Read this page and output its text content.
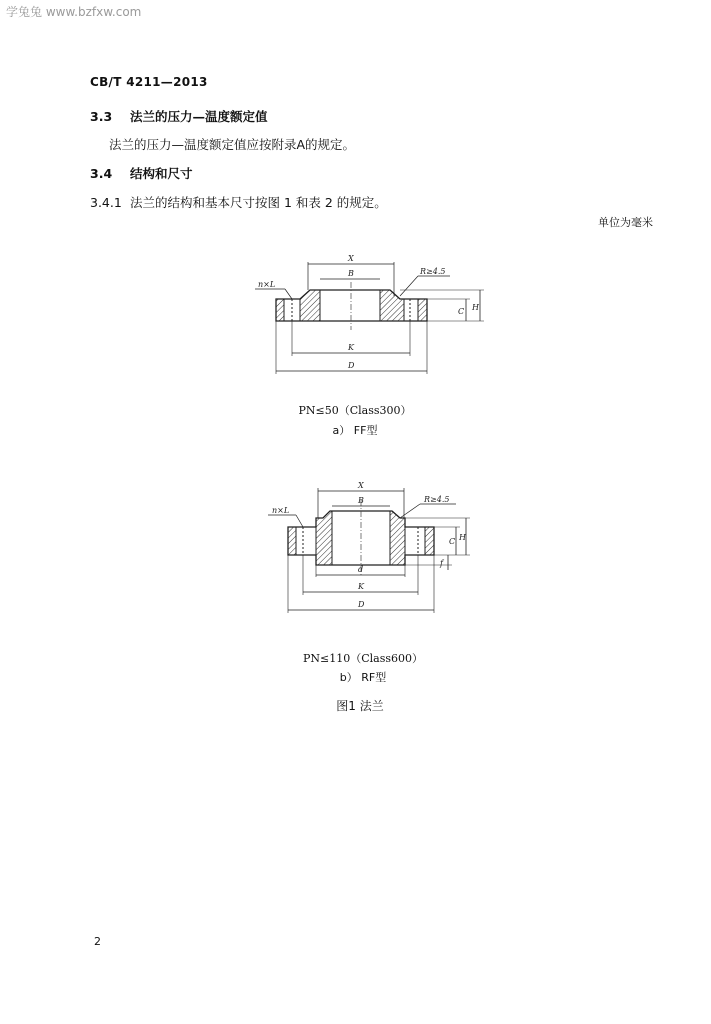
学兔兔 www.bzfxw.com
CB/T 4211—2013
3.3 法兰的压力—温度额定值
法兰的压力—温度额定值应按附录A的规定。
3.4 结构和尺寸
3.4.1 法兰的结构和基本尺寸按图 1 和表 2 的规定。
单位为毫米
X
B	R≥4.5
n×L
C H
K
D
PN≤50（Class300）
a） FF型
X
B	R≥4.5
n×L
C H
f
d
K
D
PN≤110（Class600）
b） RF型
图1 法兰
2
